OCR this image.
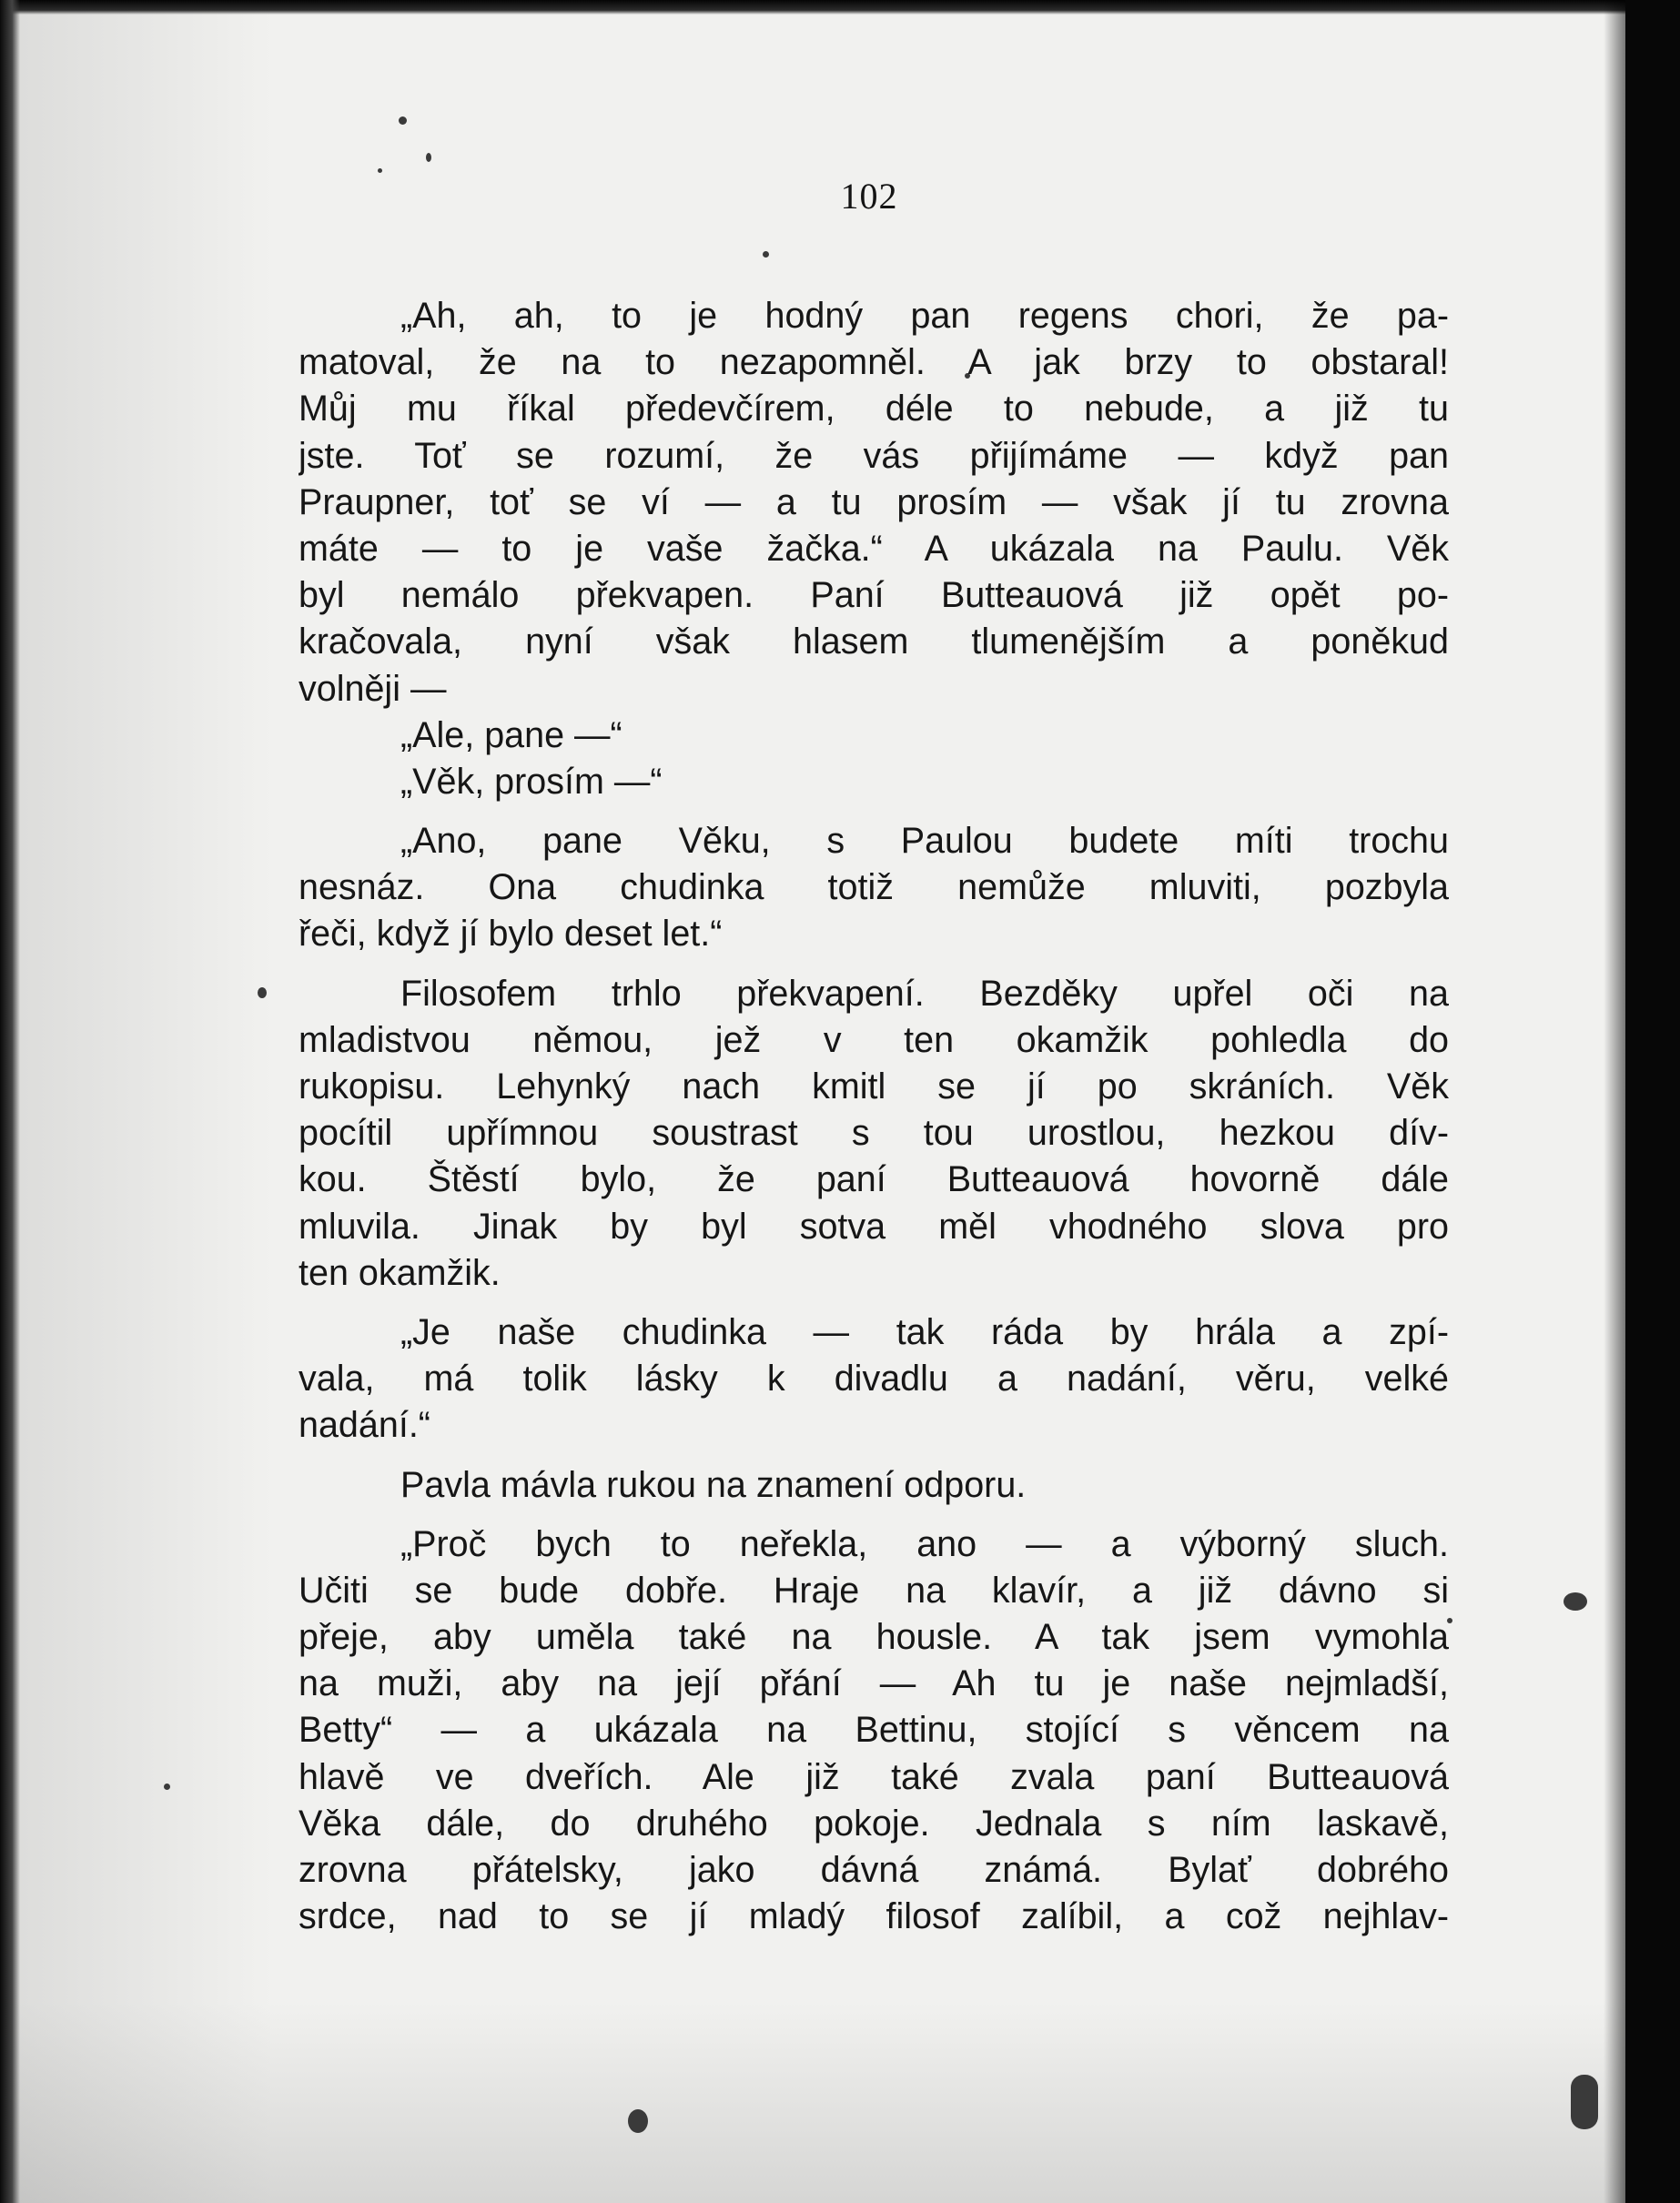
102
„Ah, ah, to je hodný pan regens chori, že pa-
matoval, že na to nezapomněl. A jak brzy to obstaral!
Můj mu říkal předevčírem, déle to nebude, a již tu
jste. Toť se rozumí, že vás přijímáme — když pan
Praupner, toť se ví — a tu prosím — však jí tu zrovna
máte — to je vaše žačka.“ A ukázala na Paulu. Věk
byl nemálo překvapen. Paní Butteauová již opět po-
kračovala, nyní však hlasem tlumenějším a poněkud
volněji —
„Ale, pane —“
„Věk, prosím —“
„Ano, pane Věku, s Paulou budete míti trochu
nesnáz. Ona chudinka totiž nemůže mluviti, pozbyla
řeči, když jí bylo deset let.“
Filosofem trhlo překvapení. Bezděky upřel oči na
mladistvou němou, jež v ten okamžik pohledla do
rukopisu. Lehynký nach kmitl se jí po skráních. Věk
pocítil upřímnou soustrast s tou urostlou, hezkou dív-
kou. Štěstí bylo, že paní Butteauová hovorně dále
mluvila. Jinak by byl sotva měl vhodného slova pro
ten okamžik.
„Je naše chudinka — tak ráda by hrála a zpí-
vala, má tolik lásky k divadlu a nadání, věru, velké
nadání.“
Pavla mávla rukou na znamení odporu.
„Proč bych to neřekla, ano — a výborný sluch.
Učiti se bude dobře. Hraje na klavír, a již dávno si
přeje, aby uměla také na housle. A tak jsem vymohla
na muži, aby na její přání — Ah tu je naše nejmladší,
Betty“ — a ukázala na Bettinu, stojící s věncem na
hlavě ve dveřích. Ale již také zvala paní Butteauová
Věka dále, do druhého pokoje. Jednala s ním laskavě,
zrovna přátelsky, jako dávná známá. Bylať dobrého
srdce, nad to se jí mladý filosof zalíbil, a což nejhlav-
